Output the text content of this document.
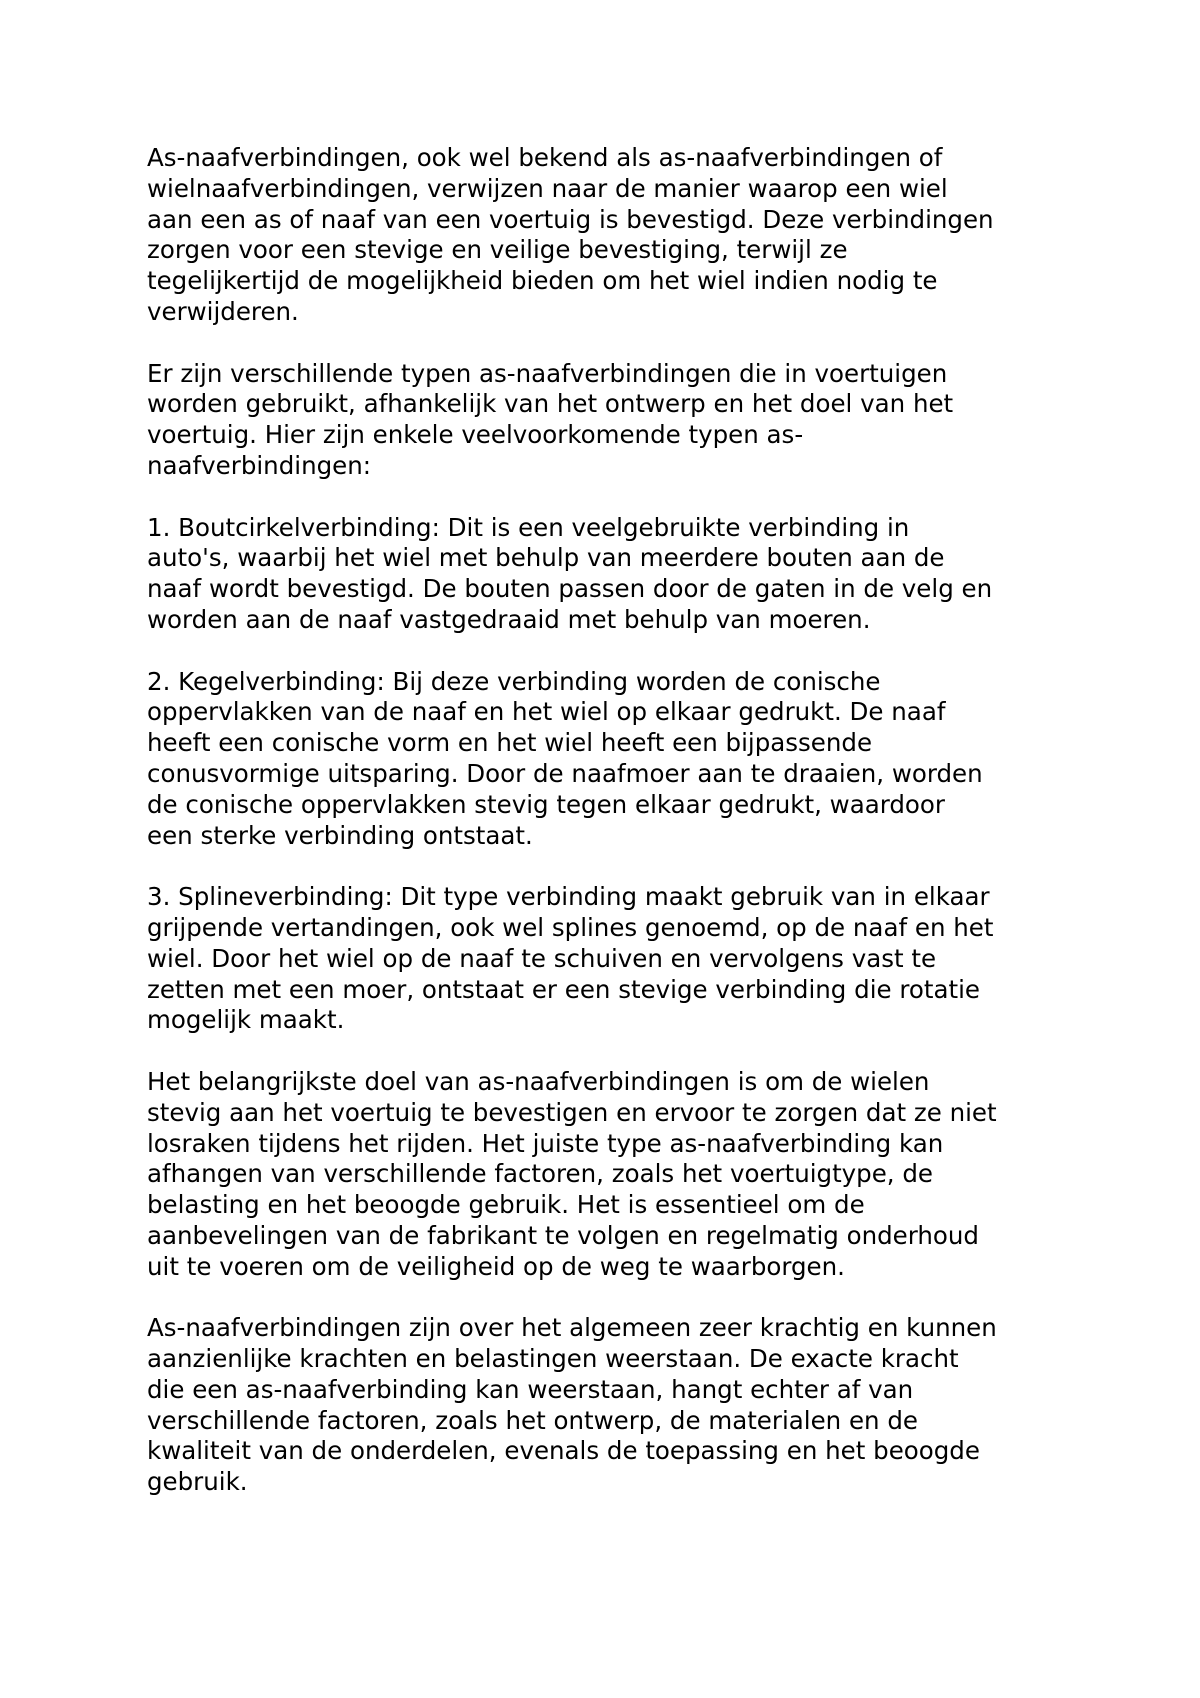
As-naafverbindingen, ook wel bekend als as-naafverbindingen of
wielnaafverbindingen, verwijzen naar de manier waarop een wiel
aan een as of naaf van een voertuig is bevestigd. Deze verbindingen
zorgen voor een stevige en veilige bevestiging, terwijl ze
tegelijkertijd de mogelijkheid bieden om het wiel indien nodig te
verwijderen.

Er zijn verschillende typen as-naafverbindingen die in voertuigen
worden gebruikt, afhankelijk van het ontwerp en het doel van het
voertuig. Hier zijn enkele veelvoorkomende typen as-
naafverbindingen:

1. Boutcirkelverbinding: Dit is een veelgebruikte verbinding in
auto's, waarbij het wiel met behulp van meerdere bouten aan de
naaf wordt bevestigd. De bouten passen door de gaten in de velg en
worden aan de naaf vastgedraaid met behulp van moeren.

2. Kegelverbinding: Bij deze verbinding worden de conische
oppervlakken van de naaf en het wiel op elkaar gedrukt. De naaf
heeft een conische vorm en het wiel heeft een bijpassende
conusvormige uitsparing. Door de naafmoer aan te draaien, worden
de conische oppervlakken stevig tegen elkaar gedrukt, waardoor
een sterke verbinding ontstaat.

3. Splineverbinding: Dit type verbinding maakt gebruik van in elkaar
grijpende vertandingen, ook wel splines genoemd, op de naaf en het
wiel. Door het wiel op de naaf te schuiven en vervolgens vast te
zetten met een moer, ontstaat er een stevige verbinding die rotatie
mogelijk maakt.

Het belangrijkste doel van as-naafverbindingen is om de wielen
stevig aan het voertuig te bevestigen en ervoor te zorgen dat ze niet
losraken tijdens het rijden. Het juiste type as-naafverbinding kan
afhangen van verschillende factoren, zoals het voertuigtype, de
belasting en het beoogde gebruik. Het is essentieel om de
aanbevelingen van de fabrikant te volgen en regelmatig onderhoud
uit te voeren om de veiligheid op de weg te waarborgen.

As-naafverbindingen zijn over het algemeen zeer krachtig en kunnen
aanzienlijke krachten en belastingen weerstaan. De exacte kracht
die een as-naafverbinding kan weerstaan, hangt echter af van
verschillende factoren, zoals het ontwerp, de materialen en de
kwaliteit van de onderdelen, evenals de toepassing en het beoogde
gebruik.
